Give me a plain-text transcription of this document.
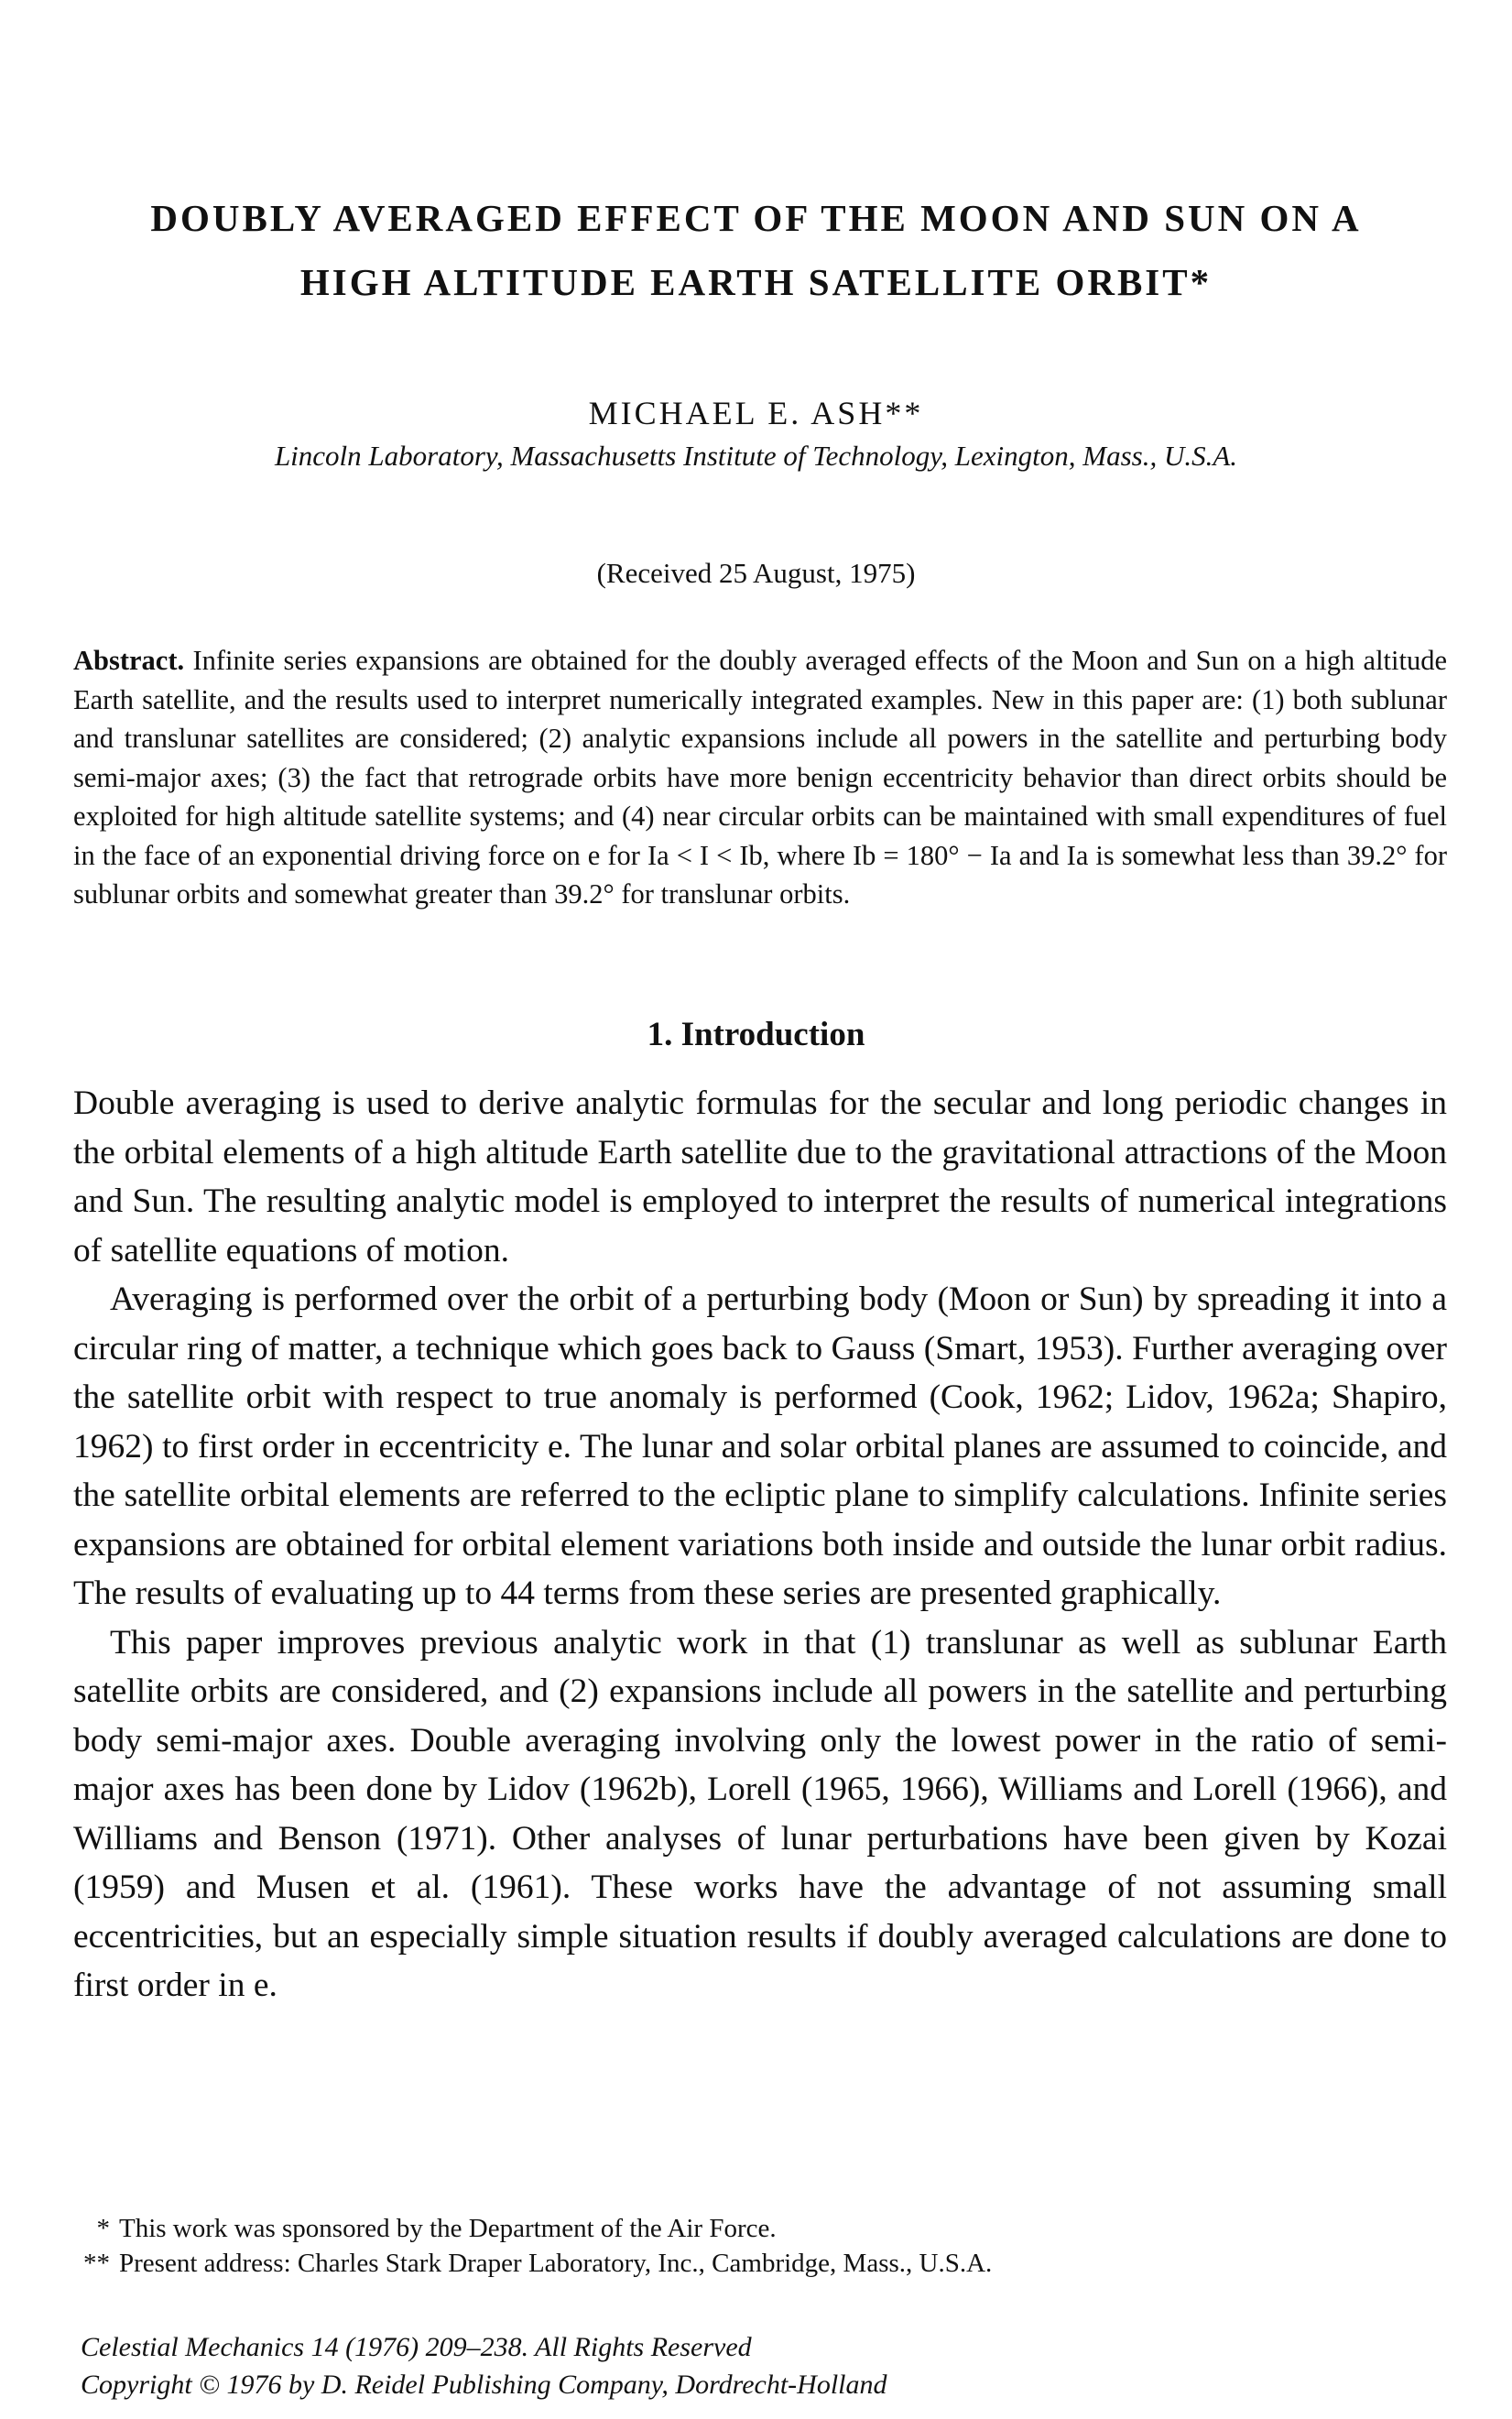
DOUBLY AVERAGED EFFECT OF THE MOON AND SUN ON A
HIGH ALTITUDE EARTH SATELLITE ORBIT*
MICHAEL E. ASH**
Lincoln Laboratory, Massachusetts Institute of Technology, Lexington, Mass., U.S.A.
(Received 25 August, 1975)
Abstract. Infinite series expansions are obtained for the doubly averaged effects of the Moon and Sun on a high altitude Earth satellite, and the results used to interpret numerically integrated examples. New in this paper are: (1) both sublunar and translunar satellites are considered; (2) analytic expansions include all powers in the satellite and perturbing body semi-major axes; (3) the fact that retrograde orbits have more benign eccentricity behavior than direct orbits should be exploited for high altitude satellite systems; and (4) near circular orbits can be maintained with small expenditures of fuel in the face of an exponential driving force on e for Ia < I < Ib, where Ib = 180° − Ia and Ia is somewhat less than 39.2° for sublunar orbits and somewhat greater than 39.2° for translunar orbits.
1. Introduction

Double averaging is used to derive analytic formulas for the secular and long periodic changes in the orbital elements of a high altitude Earth satellite due to the gravitational attractions of the Moon and Sun. The resulting analytic model is employed to interpret the results of numerical integrations of satellite equations of motion.

Averaging is performed over the orbit of a perturbing body (Moon or Sun) by spreading it into a circular ring of matter, a technique which goes back to Gauss (Smart, 1953). Further averaging over the satellite orbit with respect to true anomaly is performed (Cook, 1962; Lidov, 1962a; Shapiro, 1962) to first order in eccentricity e. The lunar and solar orbital planes are assumed to coincide, and the satellite orbital elements are referred to the ecliptic plane to simplify calculations. Infinite series expansions are obtained for orbital element variations both inside and outside the lunar orbit radius. The results of evaluating up to 44 terms from these series are presented graphically.

This paper improves previous analytic work in that (1) translunar as well as sublunar Earth satellite orbits are considered, and (2) expansions include all powers in the satellite and perturbing body semi-major axes. Double averaging involving only the lowest power in the ratio of semi-major axes has been done by Lidov (1962b), Lorell (1965, 1966), Williams and Lorell (1966), and Williams and Benson (1971). Other analyses of lunar perturbations have been given by Kozai (1959) and Musen et al. (1961). These works have the advantage of not assuming small eccentricities, but an especially simple situation results if doubly averaged calculations are done to first order in e.

* This work was sponsored by the Department of the Air Force.
** Present address: Charles Stark Draper Laboratory, Inc., Cambridge, Mass., U.S.A.
Celestial Mechanics 14 (1976) 209–238. All Rights Reserved
Copyright © 1976 by D. Reidel Publishing Company, Dordrecht-Holland
